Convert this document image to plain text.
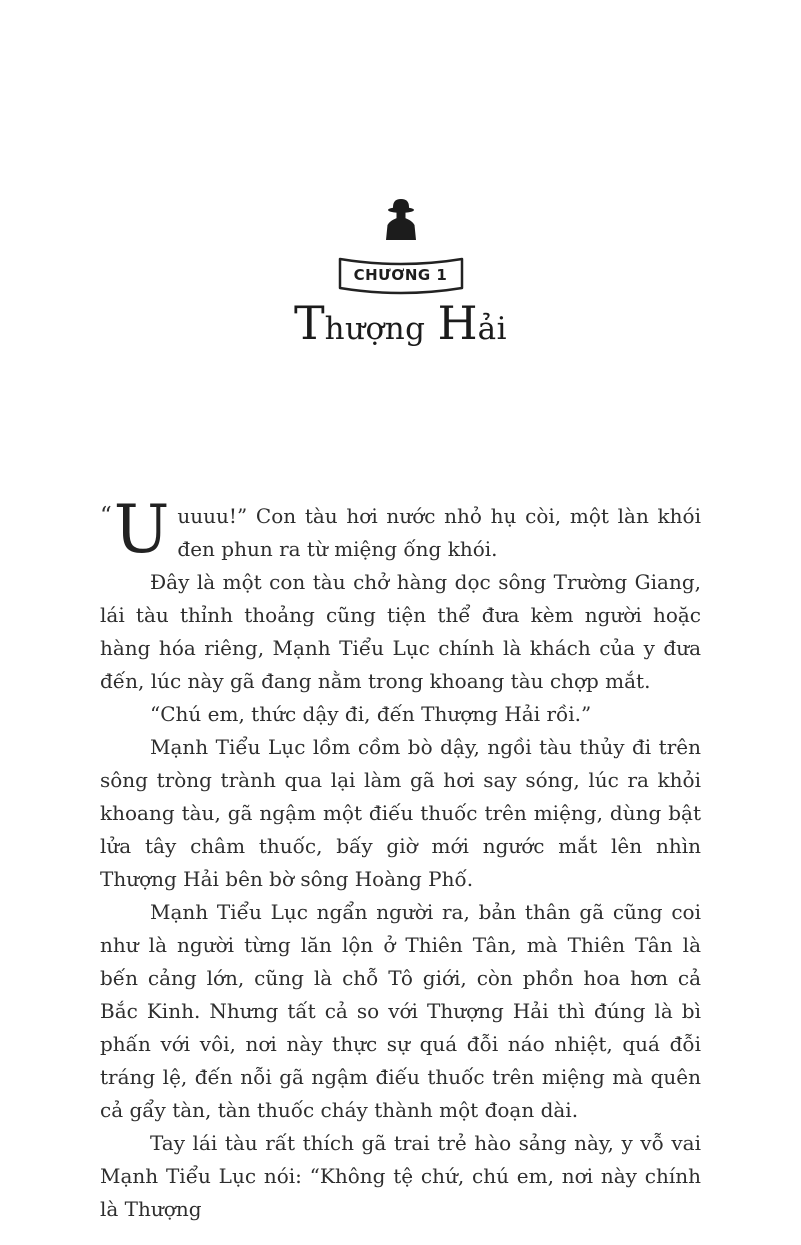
CHƯƠNG 1
Thượng Hải

“ U uuuu!” Con tàu hơi nước nhỏ hụ còi, một làn khói đen phun ra từ miệng ống khói.

Đây là một con tàu chở hàng dọc sông Trường Giang, lái tàu thỉnh thoảng cũng tiện thể đưa kèm người hoặc hàng hóa riêng, Mạnh Tiểu Lục chính là khách của y đưa đến, lúc này gã đang nằm trong khoang tàu chợp mắt.

“Chú em, thức dậy đi, đến Thượng Hải rồi.”

Mạnh Tiểu Lục lồm cồm bò dậy, ngồi tàu thủy đi trên sông tròng trành qua lại làm gã hơi say sóng, lúc ra khỏi khoang tàu, gã ngậm một điếu thuốc trên miệng, dùng bật lửa tây châm thuốc, bấy giờ mới ngước mắt lên nhìn Thượng Hải bên bờ sông Hoàng Phố.

Mạnh Tiểu Lục ngẩn người ra, bản thân gã cũng coi như là người từng lăn lộn ở Thiên Tân, mà Thiên Tân là bến cảng lớn, cũng là chỗ Tô giới, còn phồn hoa hơn cả Bắc Kinh. Nhưng tất cả so với Thượng Hải thì đúng là bì phấn với vôi, nơi này thực sự quá đỗi náo nhiệt, quá đỗi tráng lệ, đến nỗi gã ngậm điếu thuốc trên miệng mà quên cả gẩy tàn, tàn thuốc cháy thành một đoạn dài.

Tay lái tàu rất thích gã trai trẻ hào sảng này, y vỗ vai Mạnh Tiểu Lục nói: “Không tệ chứ, chú em, nơi này chính là Thượng
